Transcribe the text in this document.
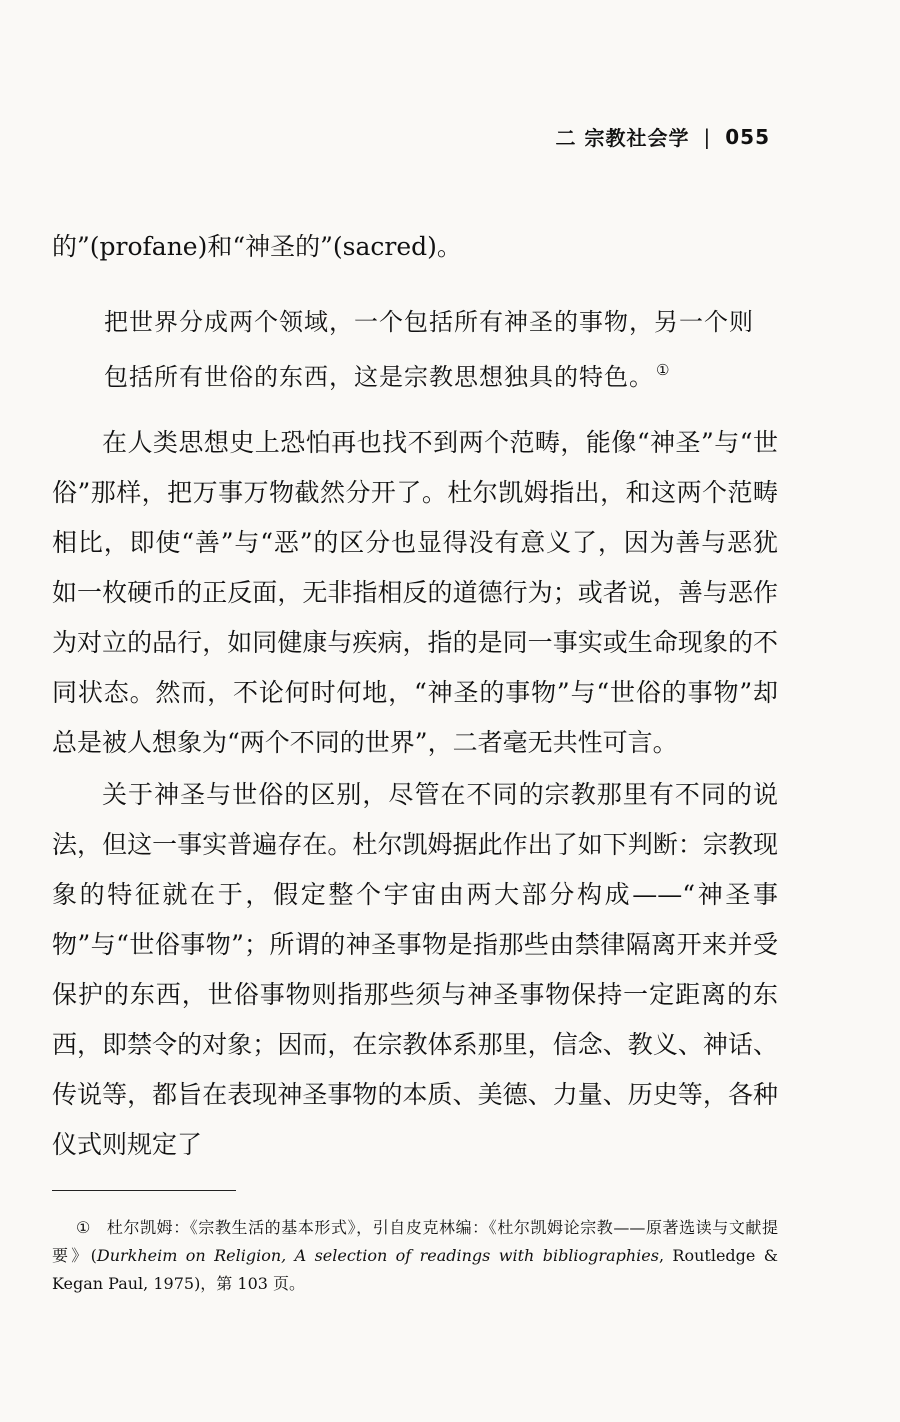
二 宗教社会学 | 055
的”(profane)和“神圣的”(sacred)。
把世界分成两个领域，一个包括所有神圣的事物，另一个则包括所有世俗的东西，这是宗教思想独具的特色。 ①
在人类思想史上恐怕再也找不到两个范畴，能像“神圣”与“世俗”那样，把万事万物截然分开了。杜尔凯姆指出，和这两个范畴相比，即使“善”与“恶”的区分也显得没有意义了，因为善与恶犹如一枚硬币的正反面，无非指相反的道德行为；或者说，善与恶作为对立的品行，如同健康与疾病，指的是同一事实或生命现象的不同状态。然而，不论何时何地，“神圣的事物”与“世俗的事物”却总是被人想象为“两个不同的世界”，二者毫无共性可言。
关于神圣与世俗的区别，尽管在不同的宗教那里有不同的说法，但这一事实普遍存在。杜尔凯姆据此作出了如下判断：宗教现象的特征就在于，假定整个宇宙由两大部分构成——“神圣事物”与“世俗事物”；所谓的神圣事物是指那些由禁律隔离开来并受保护的东西，世俗事物则指那些须与神圣事物保持一定距离的东西，即禁令的对象；因而，在宗教体系那里，信念、教义、神话、传说等，都旨在表现神圣事物的本质、美德、力量、历史等，各种仪式则规定了
① 杜尔凯姆：《宗教生活的基本形式》，引自皮克林编：《杜尔凯姆论宗教——原著选读与文献提要》(Durkheim on Religion, A selection of readings with bibliographies, Routledge & Kegan Paul, 1975)，第 103 页。
